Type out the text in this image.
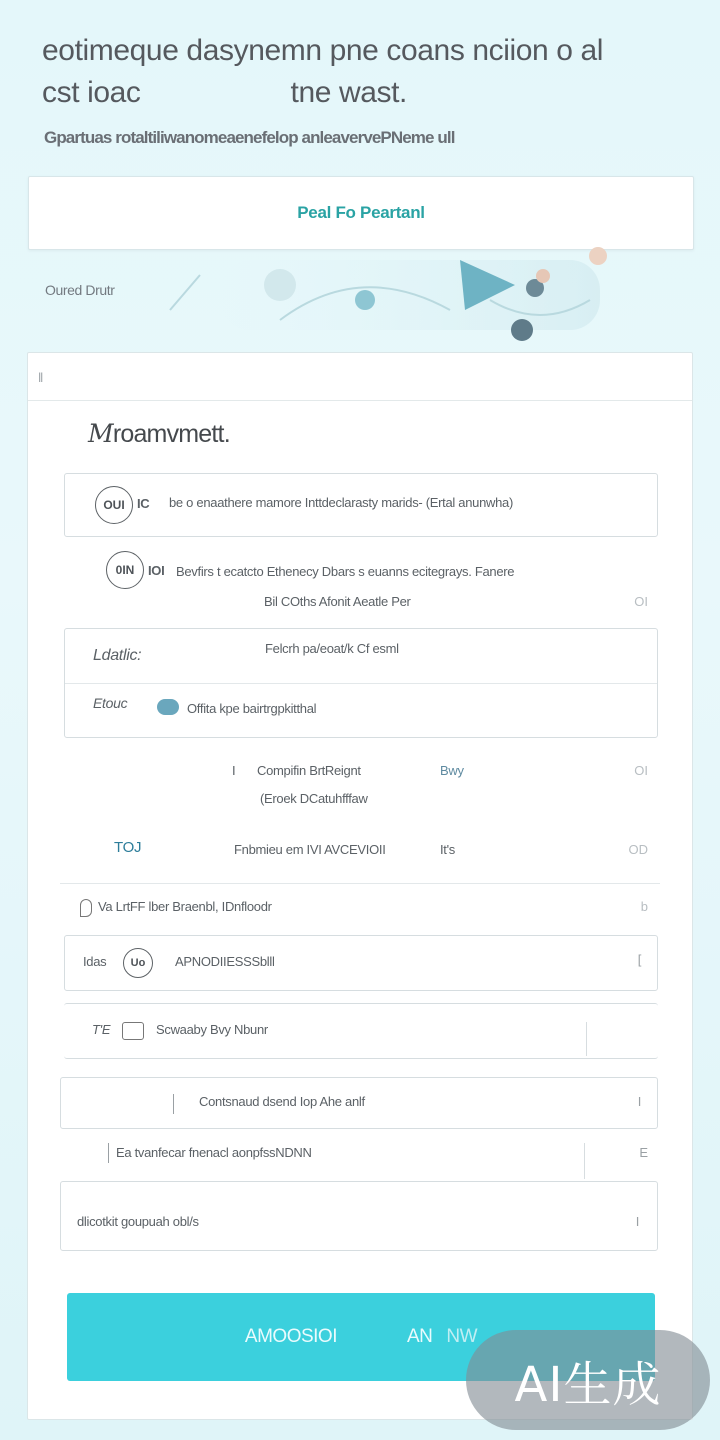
eotimeque dasynemn pne coans nciion o al
cst ioac	tne wast.
Gpartuas rotaltiliwanomeaenefelop anleavervePNeme ull
Peal Fo Peartanl
Oured Drutr
ǁ
Mroamvmett.
OUI IC be o enaathere mamore Inttdeclarasty marids- (Ertal anunwha)
0IN	IOI Bevfirs t ecatcto Ethenecy Dbars s euanns ecitegrays. Fanere
Bil COths Afonit Aeatle Per	OI
Ldatlic:	Felcrh pa/eoat/k Cf esml
Etouc	Offita kpe bairtrgpkitthal
I Compifin BrtReignt	Bwy	OI
(Eroek DCatuhfffaw
TOJ	Fnbmieu em IVI AVCEVIOII	It's	OD
Va LrtFF lber Braenbl, IDnfloodr	b
Idas	Uo	APNODIIESSSblll	[
T'E	Scwaaby Bvy Nbunr
Contsnaud dsend Iop Ahe anlf	I
Ea tvanfecar fnenacl aonpfssNDNN	E
dlicotkit goupuah obl/s	I
AMOOSIOI	AN NW
AI生成
